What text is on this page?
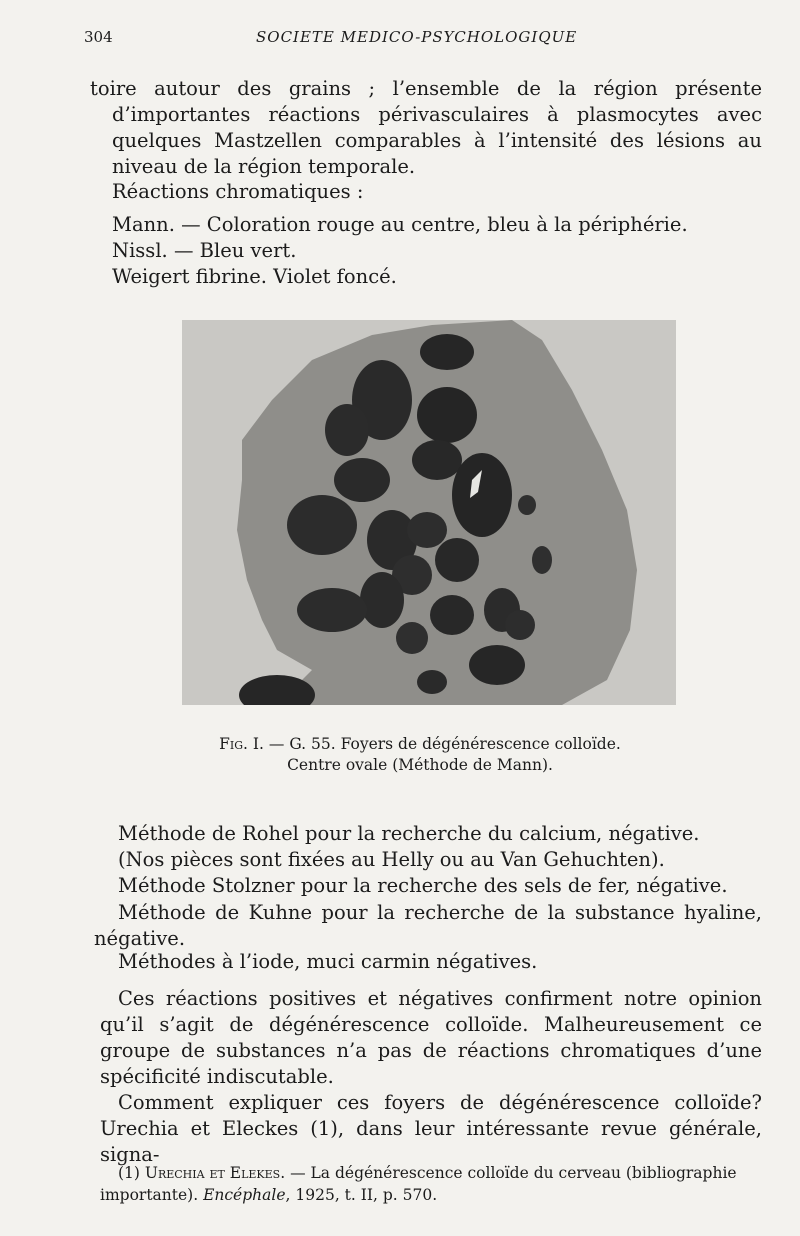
304	SOCIETE MEDICO-PSYCHOLOGIQUE
toire autour des grains ; l’ensemble de la région présente d’importantes réactions périvasculaires à plasmocytes avec quelques Mastzellen comparables à l’intensité des lésions au niveau de la région temporale.
Réactions chromatiques :
Mann. — Coloration rouge au centre, bleu à la périphérie.
Nissl. — Bleu vert.
Weigert fibrine. Violet foncé.
Fig. I. — G. 55. Foyers de dégénérescence colloïde.
Centre ovale (Méthode de Mann).
Méthode de Rohel pour la recherche du calcium, négative.
(Nos pièces sont fixées au Helly ou au Van Gehuchten).
Méthode Stolzner pour la recherche des sels de fer, négative.
Méthode de Kuhne pour la recherche de la substance hyaline, négative.
Méthodes à l’iode, muci carmin négatives.
Ces réactions positives et négatives confirment notre opinion qu’il s’agit de dégénérescence colloïde. Malheureusement ce groupe de substances n’a pas de réactions chromatiques d’une spécificité indiscutable.
Comment expliquer ces foyers de dégénérescence colloïde? Urechia et Eleckes (1), dans leur intéressante revue générale, signa-
(1) Urechia et Elekes. — La dégénérescence colloïde du cerveau (bibliographie importante). Encéphale, 1925, t. II, p. 570.
